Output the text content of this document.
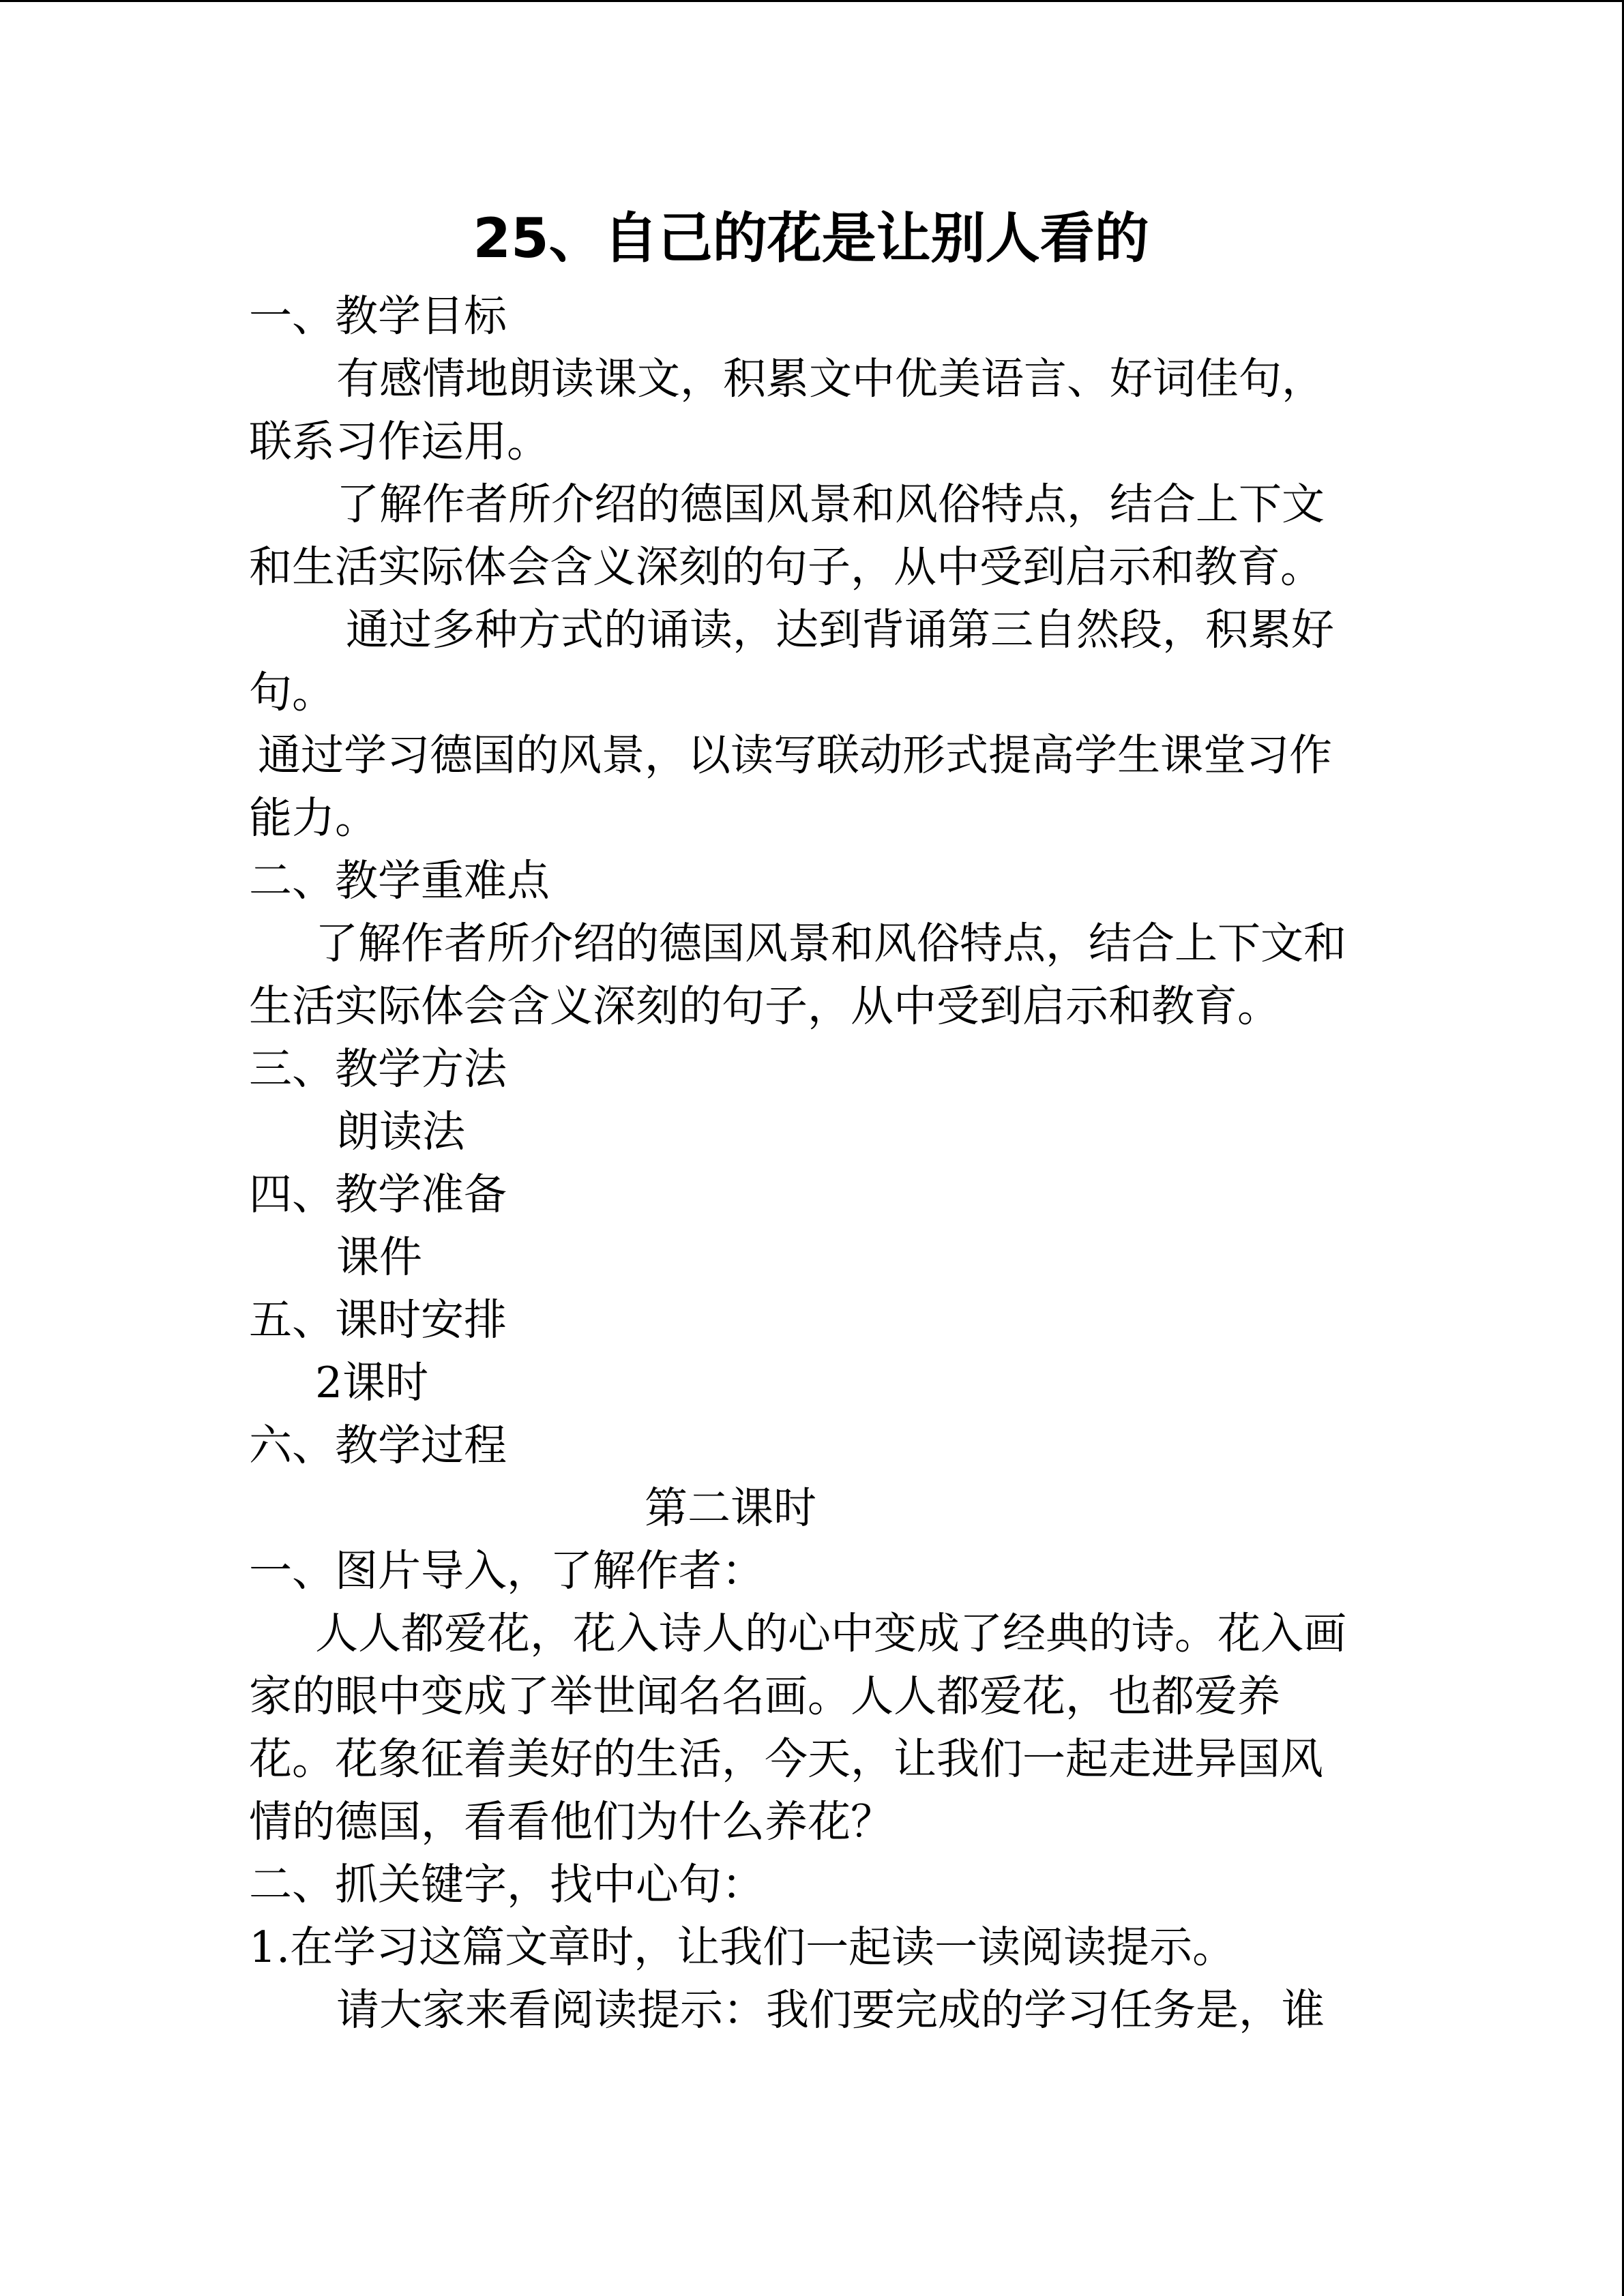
25、自己的花是让别人看的
一、教学目标
有感情地朗读课文，积累文中优美语言、好词佳句，
联系习作运用。
了解作者所介绍的德国风景和风俗特点，结合上下文
和生活实际体会含义深刻的句子，从中受到启示和教育。
通过多种方式的诵读，达到背诵第三自然段，积累好
句。
通过学习德国的风景，以读写联动形式提高学生课堂习作
能力。
二、教学重难点
了解作者所介绍的德国风景和风俗特点，结合上下文和
生活实际体会含义深刻的句子，从中受到启示和教育。
三、教学方法
朗读法
四、教学准备
课件
五、课时安排
2课时
六、教学过程
第二课时
一、图片导入，了解作者：
人人都爱花，花入诗人的心中变成了经典的诗。花入画
家的眼中变成了举世闻名名画。人人都爱花，也都爱养
花。花象征着美好的生活，今天，让我们一起走进异国风
情的德国，看看他们为什么养花？
二、抓关键字，找中心句：
1.在学习这篇文章时，让我们一起读一读阅读提示。
请大家来看阅读提示：我们要完成的学习任务是，谁
